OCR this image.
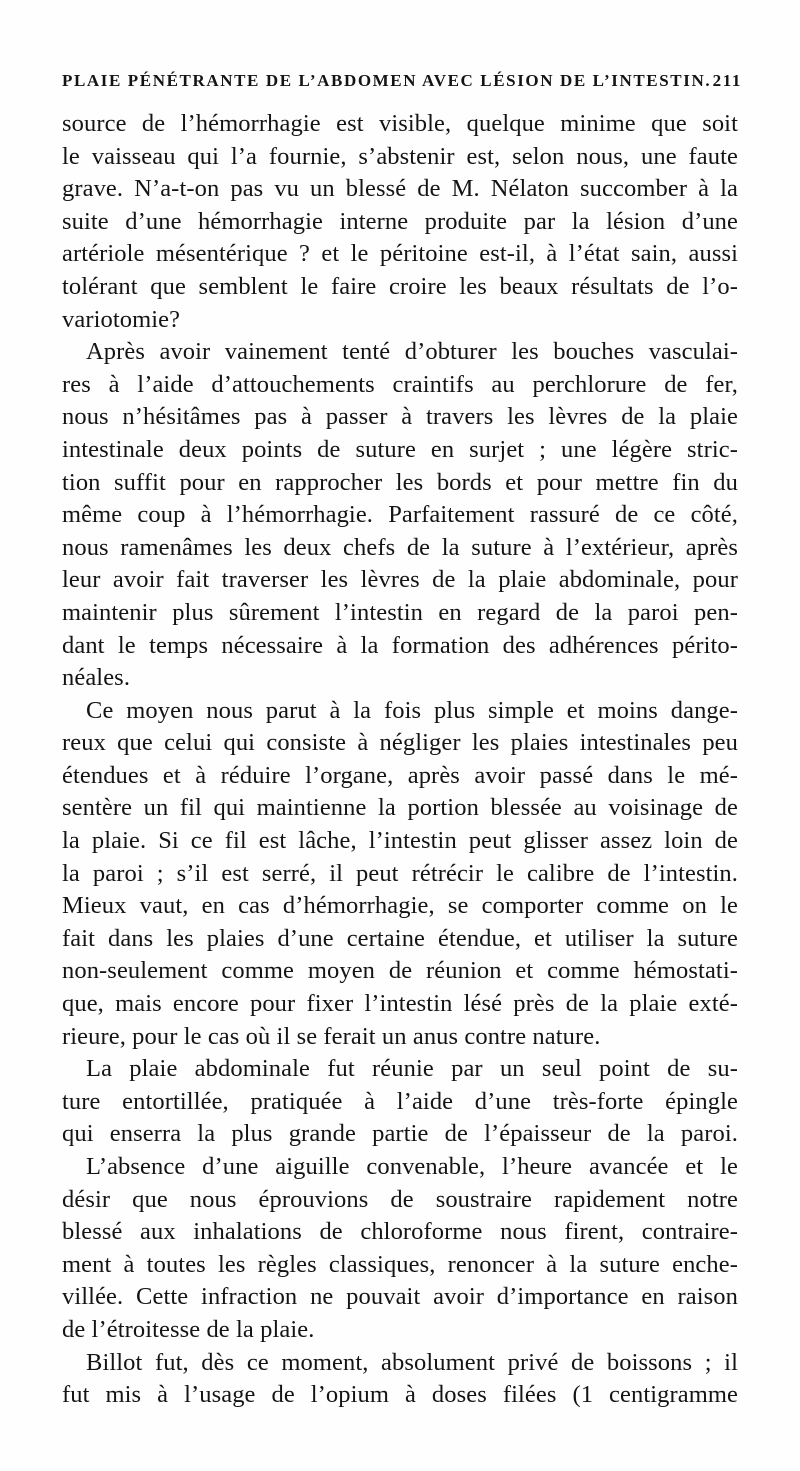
PLAIE PÉNÉTRANTE DE L’ABDOMEN AVEC LÉSION DE L’INTESTIN. 211
source de l’hémorrhagie est visible, quelque minime que soit
le vaisseau qui l’a fournie, s’abstenir est, selon nous, une faute
grave. N’a-t-on pas vu un blessé de M. Nélaton succomber à la
suite d’une hémorrhagie interne produite par la lésion d’une
artériole mésentérique ? et le péritoine est-il, à l’état sain, aussi
tolérant que semblent le faire croire les beaux résultats de l’o-
variotomie?
Après avoir vainement tenté d’obturer les bouches vasculai-
res à l’aide d’attouchements craintifs au perchlorure de fer,
nous n’hésitâmes pas à passer à travers les lèvres de la plaie
intestinale deux points de suture en surjet ; une légère stric-
tion suffit pour en rapprocher les bords et pour mettre fin du
même coup à l’hémorrhagie. Parfaitement rassuré de ce côté,
nous ramenâmes les deux chefs de la suture à l’extérieur, après
leur avoir fait traverser les lèvres de la plaie abdominale, pour
maintenir plus sûrement l’intestin en regard de la paroi pen-
dant le temps nécessaire à la formation des adhérences périto-
néales.
Ce moyen nous parut à la fois plus simple et moins dange-
reux que celui qui consiste à négliger les plaies intestinales peu
étendues et à réduire l’organe, après avoir passé dans le mé-
sentère un fil qui maintienne la portion blessée au voisinage de
la plaie. Si ce fil est lâche, l’intestin peut glisser assez loin de
la paroi ; s’il est serré, il peut rétrécir le calibre de l’intestin.
Mieux vaut, en cas d’hémorrhagie, se comporter comme on le
fait dans les plaies d’une certaine étendue, et utiliser la suture
non-seulement comme moyen de réunion et comme hémostati-
que, mais encore pour fixer l’intestin lésé près de la plaie exté-
rieure, pour le cas où il se ferait un anus contre nature.
La plaie abdominale fut réunie par un seul point de su-
ture entortillée, pratiquée à l’aide d’une très-forte épingle
qui enserra la plus grande partie de l’épaisseur de la paroi.
L’absence d’une aiguille convenable, l’heure avancée et le
désir que nous éprouvions de soustraire rapidement notre
blessé aux inhalations de chloroforme nous firent, contraire-
ment à toutes les règles classiques, renoncer à la suture enche-
villée. Cette infraction ne pouvait avoir d’importance en raison
de l’étroitesse de la plaie.
Billot fut, dès ce moment, absolument privé de boissons ; il
fut mis à l’usage de l’opium à doses filées (1 centigramme
